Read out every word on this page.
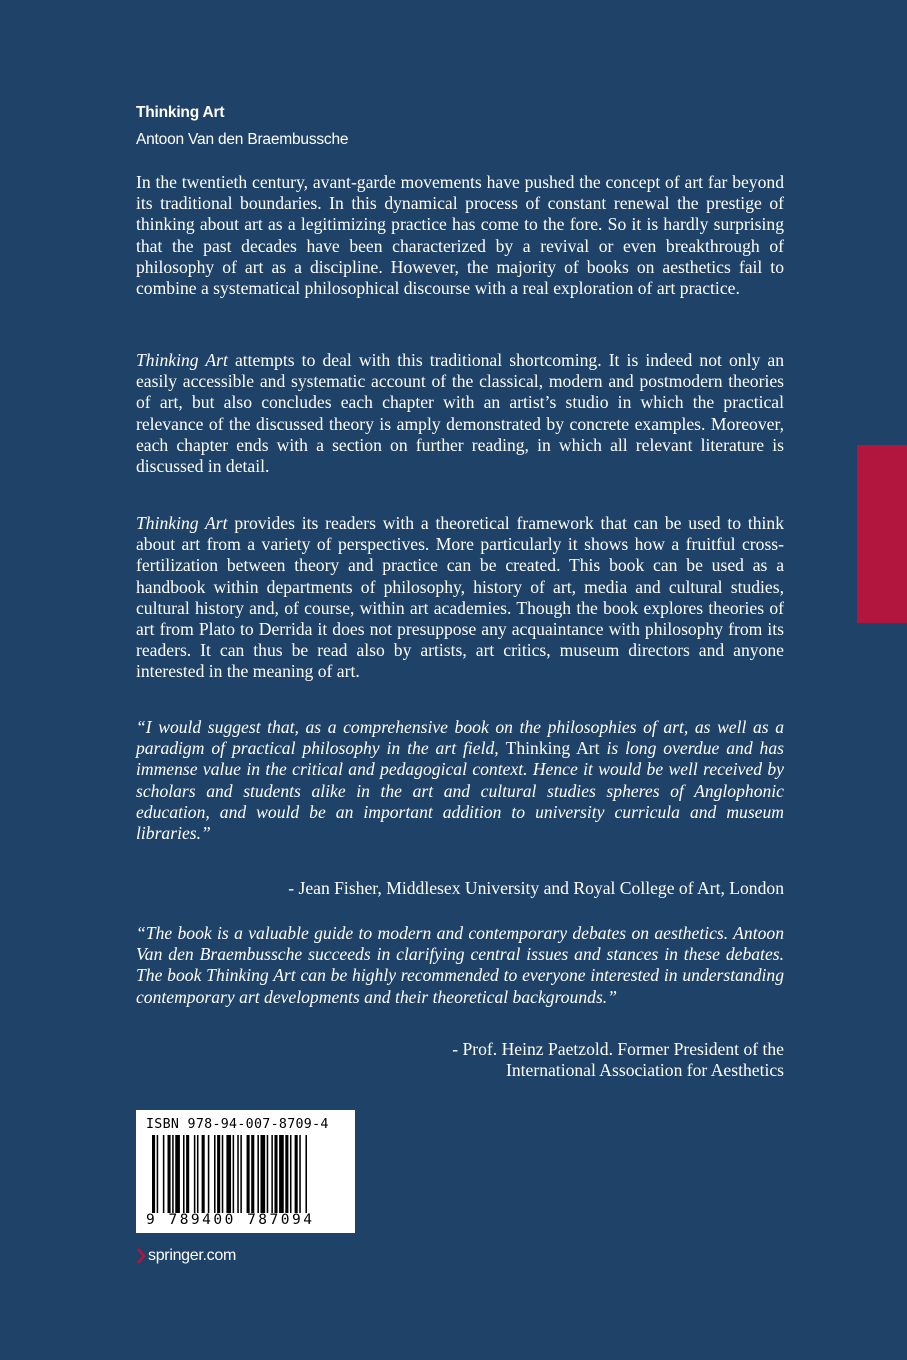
Thinking Art
Antoon Van den Braembussche

In the twentieth century, avant-garde movements have pushed the concept of art far beyond its traditional boundaries. In this dynamical process of constant renewal the prestige of thinking about art as a legitimizing practice has come to the fore. So it is hardly surprising that the past decades have been characterized by a revival or even breakthrough of philosophy of art as a discipline. However, the majority of books on aesthetics fail to combine a systematical philosophical discourse with a real exploration of art practice.

Thinking Art attempts to deal with this traditional shortcoming. It is indeed not only an easily accessible and systematic account of the classical, modern and postmodern theories of art, but also concludes each chapter with an artist’s studio in which the practical relevance of the discussed theory is amply demonstrated by concrete examples. Moreover, each chapter ends with a section on further reading, in which all relevant literature is discussed in detail.

Thinking Art provides its readers with a theoretical framework that can be used to think about art from a variety of perspectives. More particularly it shows how a fruitful cross-fertilization between theory and practice can be created. This book can be used as a handbook within departments of philosophy, history of art, media and cultural studies, cultural history and, of course, within art academies. Though the book explores theories of art from Plato to Derrida it does not presuppose any acquaintance with philosophy from its readers. It can thus be read also by artists, art critics, museum directors and anyone interested in the meaning of art.

“I would suggest that, as a comprehensive book on the philosophies of art, as well as a paradigm of practical philosophy in the art field, Thinking Art is long overdue and has immense value in the critical and pedagogical context. Hence it would be well received by scholars and students alike in the art and cultural studies spheres of Anglophonic education, and would be an important addition to university curricula and museum libraries.”

- Jean Fisher, Middlesex University and Royal College of Art, London

“The book is a valuable guide to modern and contemporary debates on aesthetics. Antoon Van den Braembussche succeeds in clarifying central issues and stances in these debates. The book Thinking Art can be highly recommended to everyone interested in understanding contemporary art developments and their theoretical backgrounds.”

- Prof. Heinz Paetzold. Former President of the
International Association for Aesthetics

ISBN 978-94-007-8709-4
9 789400 787094
springer.com
